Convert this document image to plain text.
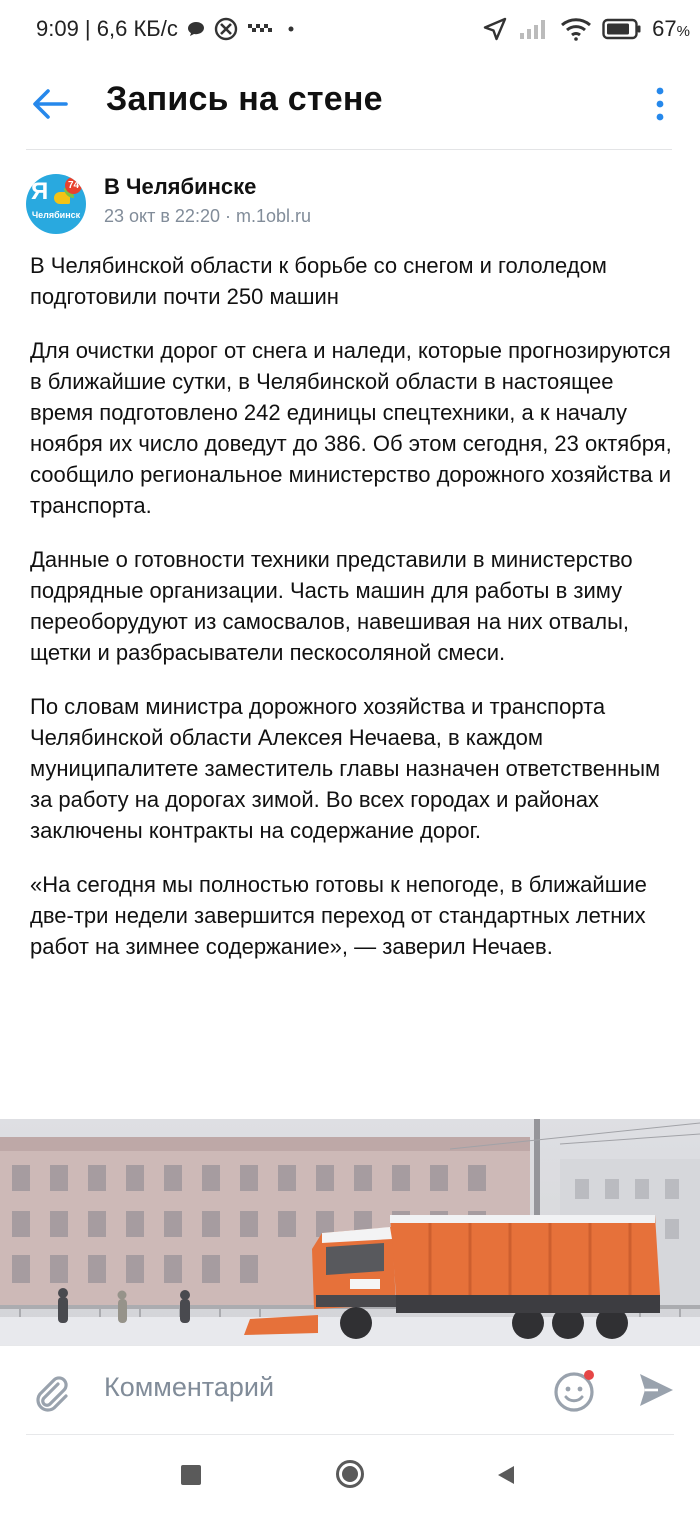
9:09 | 6,6 КБ/с	67%
Запись на стене
Я 74
Челябинск
В Челябинске
23 окт в 22:20 · m.1obl.ru

В Челябинской области к борьбе со снегом и гололедом подготовили почти 250 машин

Для очистки дорог от снега и наледи, которые прогнозируются в ближайшие сутки, в Челябинской области в настоящее время подготовлено 242 единицы спецтехники, а к началу ноября их число доведут до 386. Об этом сегодня, 23 октября, сообщило региональное министерство дорожного хозяйства и транспорта.

Данные о готовности техники представили в министерство подрядные организации. Часть машин для работы в зиму переоборудуют из самосвалов, навешивая на них отвалы, щетки и разбрасыватели пескосоляной смеси.

По словам министра дорожного хозяйства и транспорта Челябинской области Алексея Нечаева, в каждом муниципалитете заместитель главы назначен ответственным за работу на дорогах зимой. Во всех городах и районах заключены контракты на содержание дорог.

«На сегодня мы полностью готовы к непогоде, в ближайшие две-три недели завершится переход от стандартных летних работ на зимнее содержание», — заверил Нечаев.

Комментарий
